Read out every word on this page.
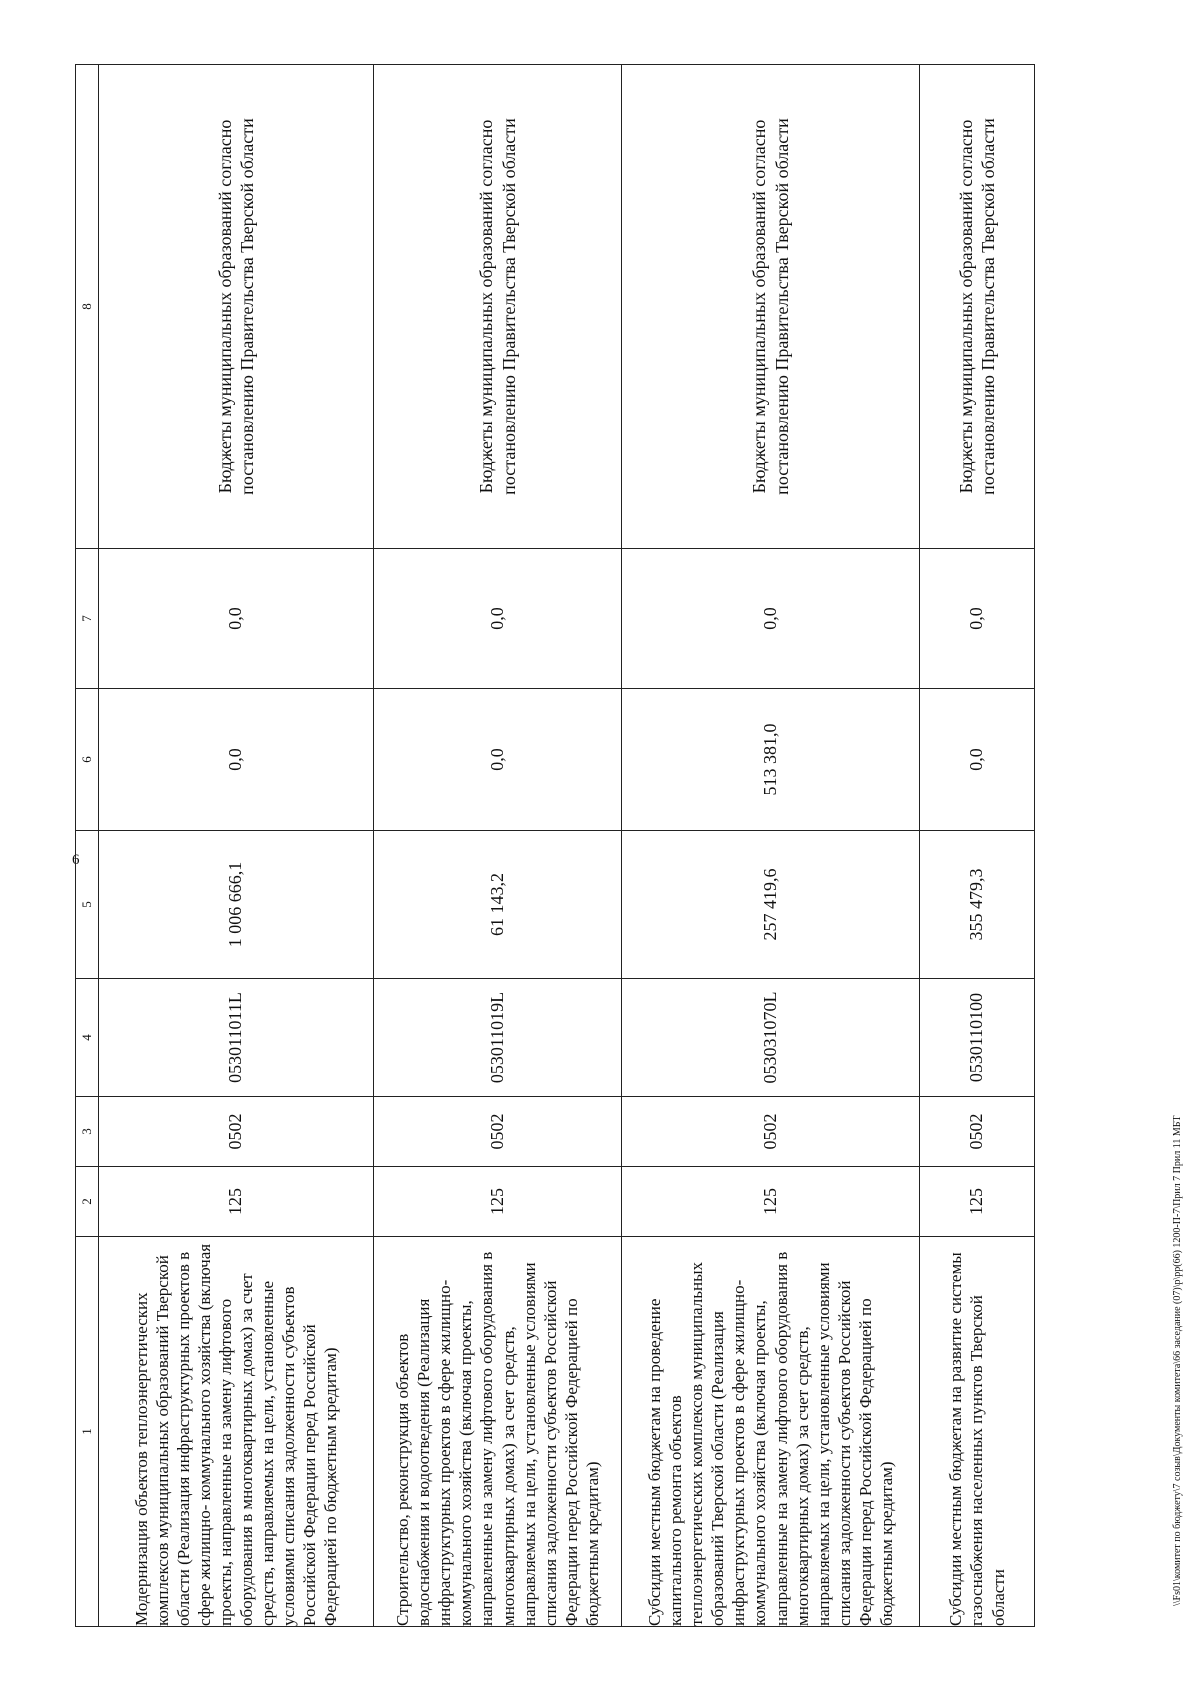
6
1	2	3	4	5	6	7	8

Модернизация объектов теплоэнергетических комплексов муниципальных образований Тверской области (Реализация инфраструктурных проектов в сфере жилищно- коммунального хозяйства (включая проекты, направленные на замену лифтового оборудования в многоквартирных домах) за счет средств, направляемых на цели, установленные условиями списания задолженности субъектов Российской Федерации перед Российской Федерацией по бюджетным кредитам)	125	0502	053011011L	1 006 666,1	0,0	0,0	Бюджеты муниципальных образований согласно постановлению Правительства Тверской области

Строительство, реконструкция объектов водоснабжения и водоотведения (Реализация инфраструктурных проектов в сфере жилищно-коммунального хозяйства (включая проекты, направленные на замену лифтового оборудования в многоквартирных домах) за счет средств, направляемых на цели, установленные условиями списания задолженности субъектов Российской Федерации перед Российской Федерацией по бюджетным кредитам)	125	0502	053011019L	61 143,2	0,0	0,0	Бюджеты муниципальных образований согласно постановлению Правительства Тверской области

Субсидии местным бюджетам на проведение капитального ремонта объектов теплоэнергетических комплексов муниципальных образований Тверской области (Реализация инфраструктурных проектов в сфере жилищно-коммунального хозяйства (включая проекты, направленные на замену лифтового оборудования в многоквартирных домах) за счет средств, направляемых на цели, установленные условиями списания задолженности субъектов Российской Федерации перед Российской Федерацией по бюджетным кредитам)	125	0502	053031070L	257 419,6	513 381,0	0,0	Бюджеты муниципальных образований согласно постановлению Правительства Тверской области

Субсидии местным бюджетам на развитие системы газоснабжения населенных пунктов Тверской области	125	0502	0530110100	355 479,3	0,0	0,0	Бюджеты муниципальных образований согласно постановлению Правительства Тверской области
\\Fs01\комитет по бюджету\7 созыв\Документы комитета\66 заседание (07)\р\рр(66) 1200-П-7\Прил 7 Прил 11 МБТ
